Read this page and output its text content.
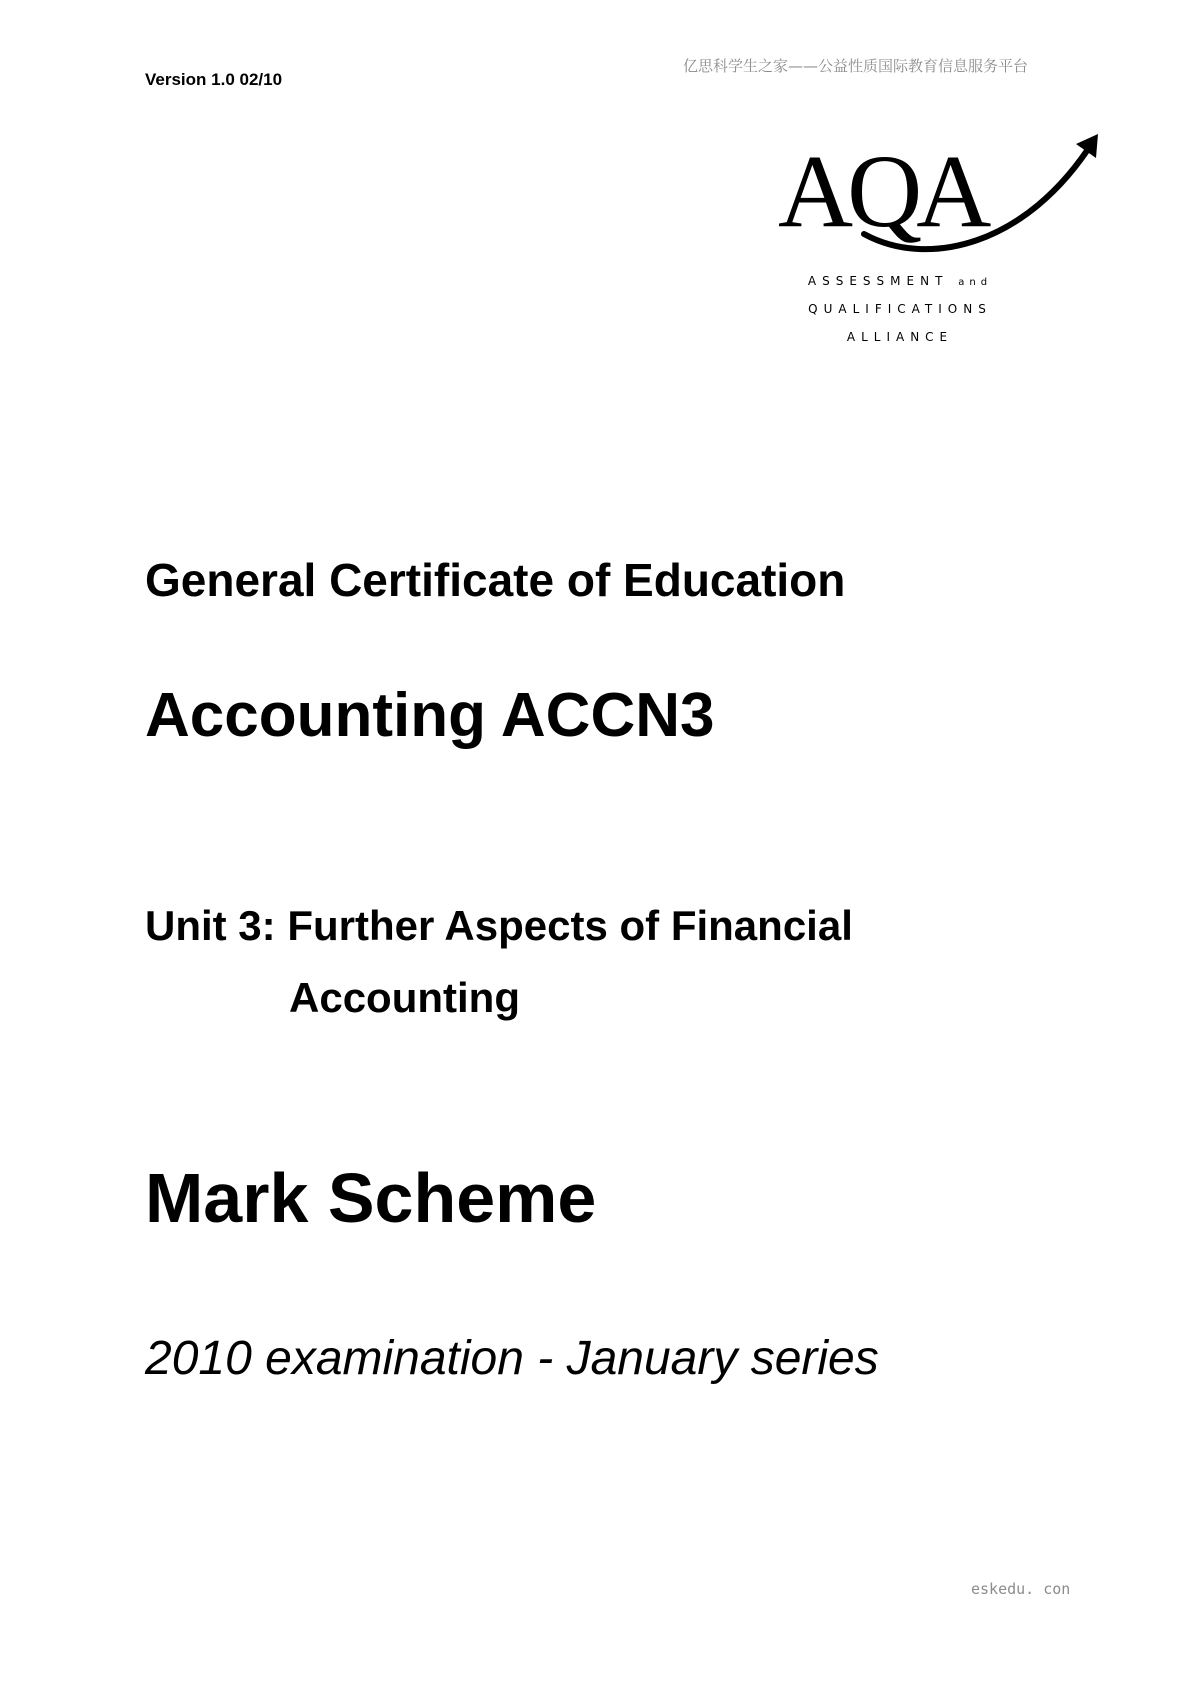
Version 1.0 02/10
亿思科学生之家——公益性质国际教育信息服务平台
AQA
ASSESSMENT and
QUALIFICATIONS
ALLIANCE
General Certificate of Education
Accounting ACCN3
Unit 3: Further Aspects of Financial
Accounting
Mark Scheme
2010 examination - January series
eskedu. con
